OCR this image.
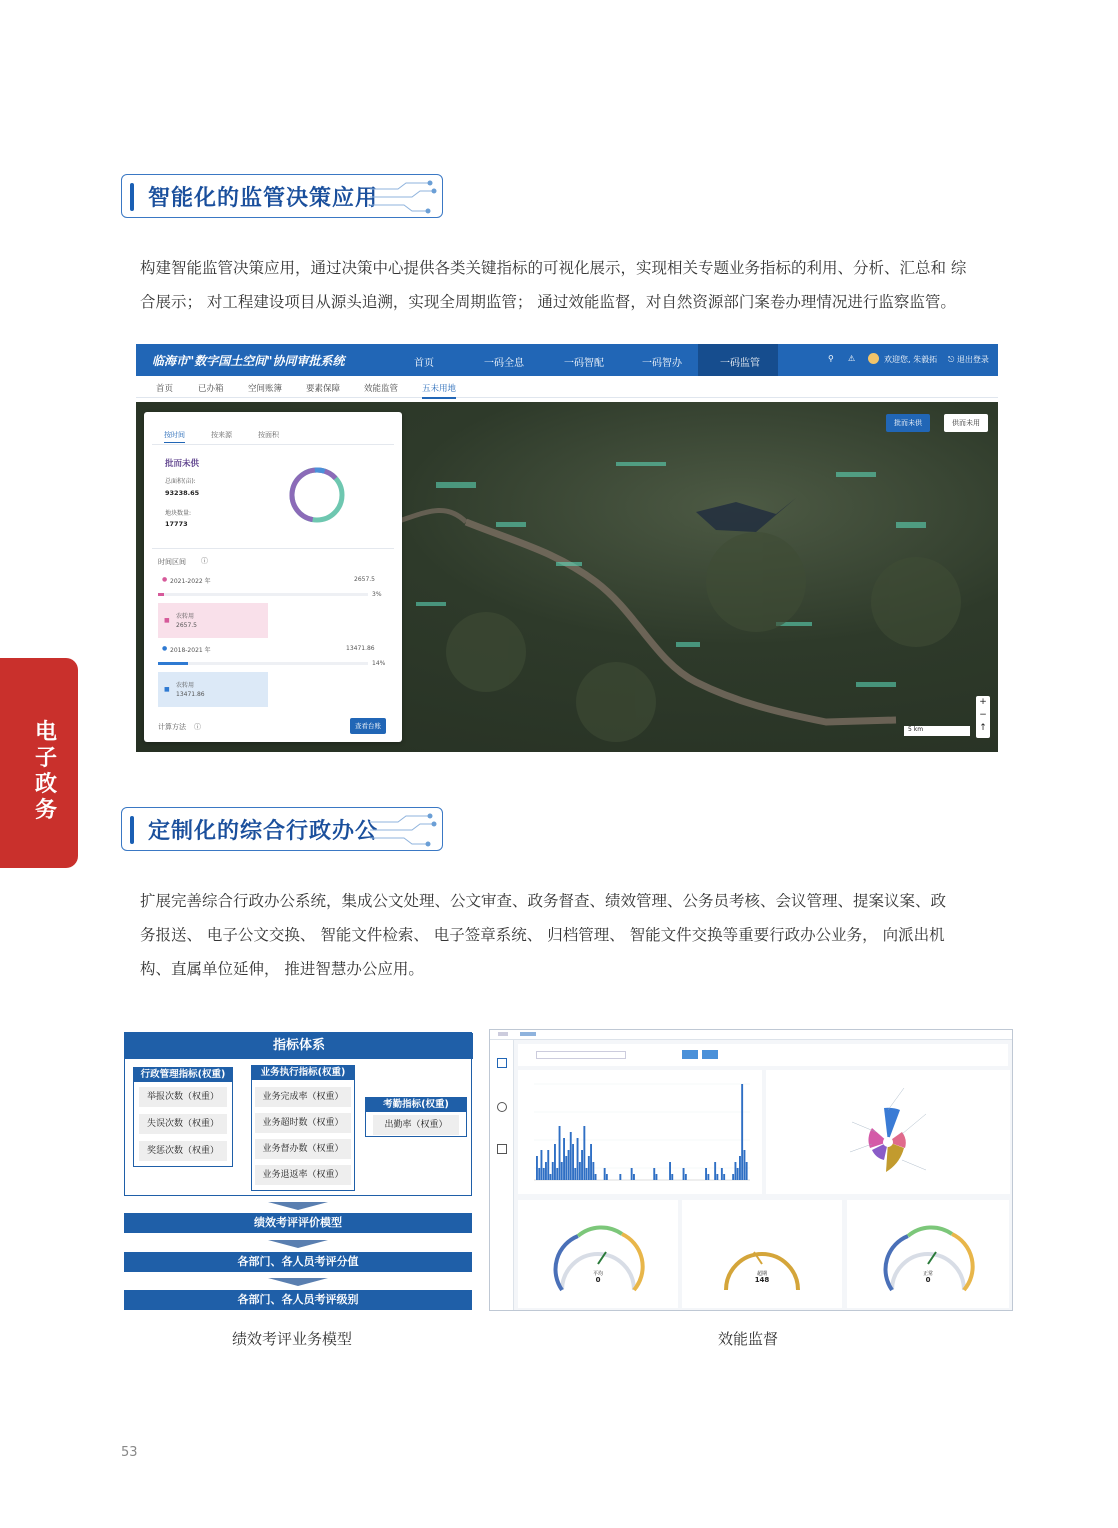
智能化的监管决策应用
构建智能监管决策应用，通过决策中心提供各类关键指标的可视化展示，实现相关专题业务指标的利用、分析、汇总和 综
合展示； 对工程建设项目从源头追溯，实现全周期监管； 通过效能监督，对自然资源部门案卷办理情况进行监察监管。
临海市"数字国土空间"协同审批系统	首页	一码全息	一码智配	一码智办	一码监管	⚲ ⚠	欢迎您, 朱毅拓 ⎋ 退出登录
首页	已办箱	空间账簿	要素保障	效能监管	五未用地
批而未供	供而未用
+
−
↑
5 km
按时间	按来源	按面积
批而未供
总面积(亩):
93238.65
地块数量:
17773
时间区间 ⓘ
● 2021-2022 年	2657.5
3%
■
农转用
2657.5
● 2018-2021 年	13471.86
14%
■
农转用
13471.86
计算方法 ⓘ	查看台账
电子政务
定制化的综合行政办公
扩展完善综合行政办公系统，集成公文处理、公文审查、政务督查、绩效管理、公务员考核、会议管理、提案议案、政
务报送、 电子公文交换、 智能文件检索、 电子签章系统、 归档管理、 智能文件交换等重要行政办公业务， 向派出机
构、直属单位延伸， 推进智慧办公应用。
指标体系
行政管理指标(权重)
举报次数（权重）
失误次数（权重）
奖惩次数（权重）
业务执行指标(权重)
业务完成率（权重）
业务超时数（权重）
业务督办数（权重）
业务退返率（权重）
考勤指标(权重)
出勤率（权重）
绩效考评评价模型
各部门、各人员考评分值
各部门、各人员考评级别
平均
0
超期
148
正常
0
绩效考评业务模型	效能监督
53
